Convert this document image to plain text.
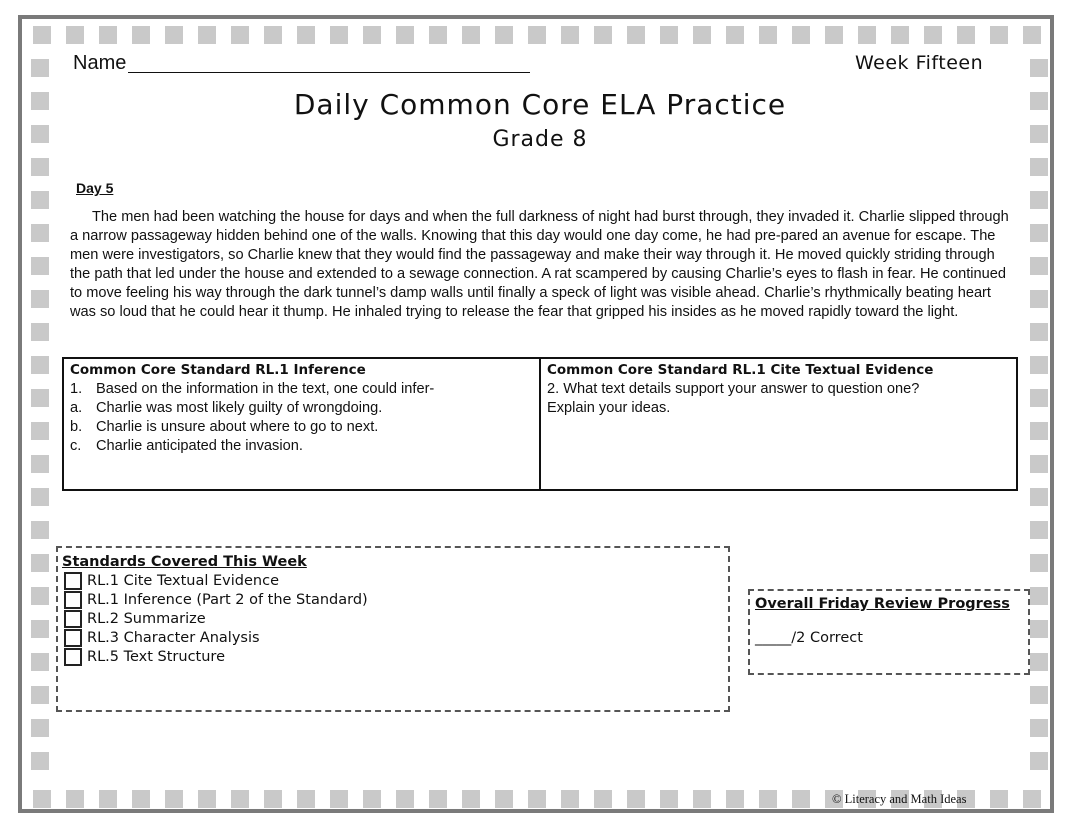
Name	Week Fifteen
Daily Common Core ELA Practice
Grade 8
Day 5
The men had been watching the house for days and when the full darkness of night had burst through, they invaded it. Charlie slipped through a narrow passageway hidden behind one of the walls. Knowing that this day would one day come, he had pre-pared an avenue for escape. The men were investigators, so Charlie knew that they would find the passageway and make their way through it. He moved quickly striding through the path that led under the house and extended to a sewage connection. A rat scampered by causing Charlie’s eyes to flash in fear. He continued to move feeling his way through the dark tunnel’s damp walls until finally a speck of light was visible ahead. Charlie’s rhythmically beating heart was so loud that he could hear it thump. He inhaled trying to release the fear that gripped his insides as he moved rapidly toward the light.
Common Core Standard RL.1 Inference
1. Based on the information in the text, one could infer-
a. Charlie was most likely guilty of wrongdoing.
b. Charlie is unsure about where to go to next.
c.	Charlie anticipated the invasion.
Common Core Standard RL.1 Cite Textual Evidence
2. What text details support your answer to question one?
Explain your ideas.
Standards Covered This Week
RL.1 Cite Textual Evidence
RL.1 Inference (Part 2 of the Standard)
RL.2 Summarize
RL.3 Character Analysis
RL.5 Text Structure
Overall Friday Review Progress
_____/2 Correct
© Literacy and Math Ideas
